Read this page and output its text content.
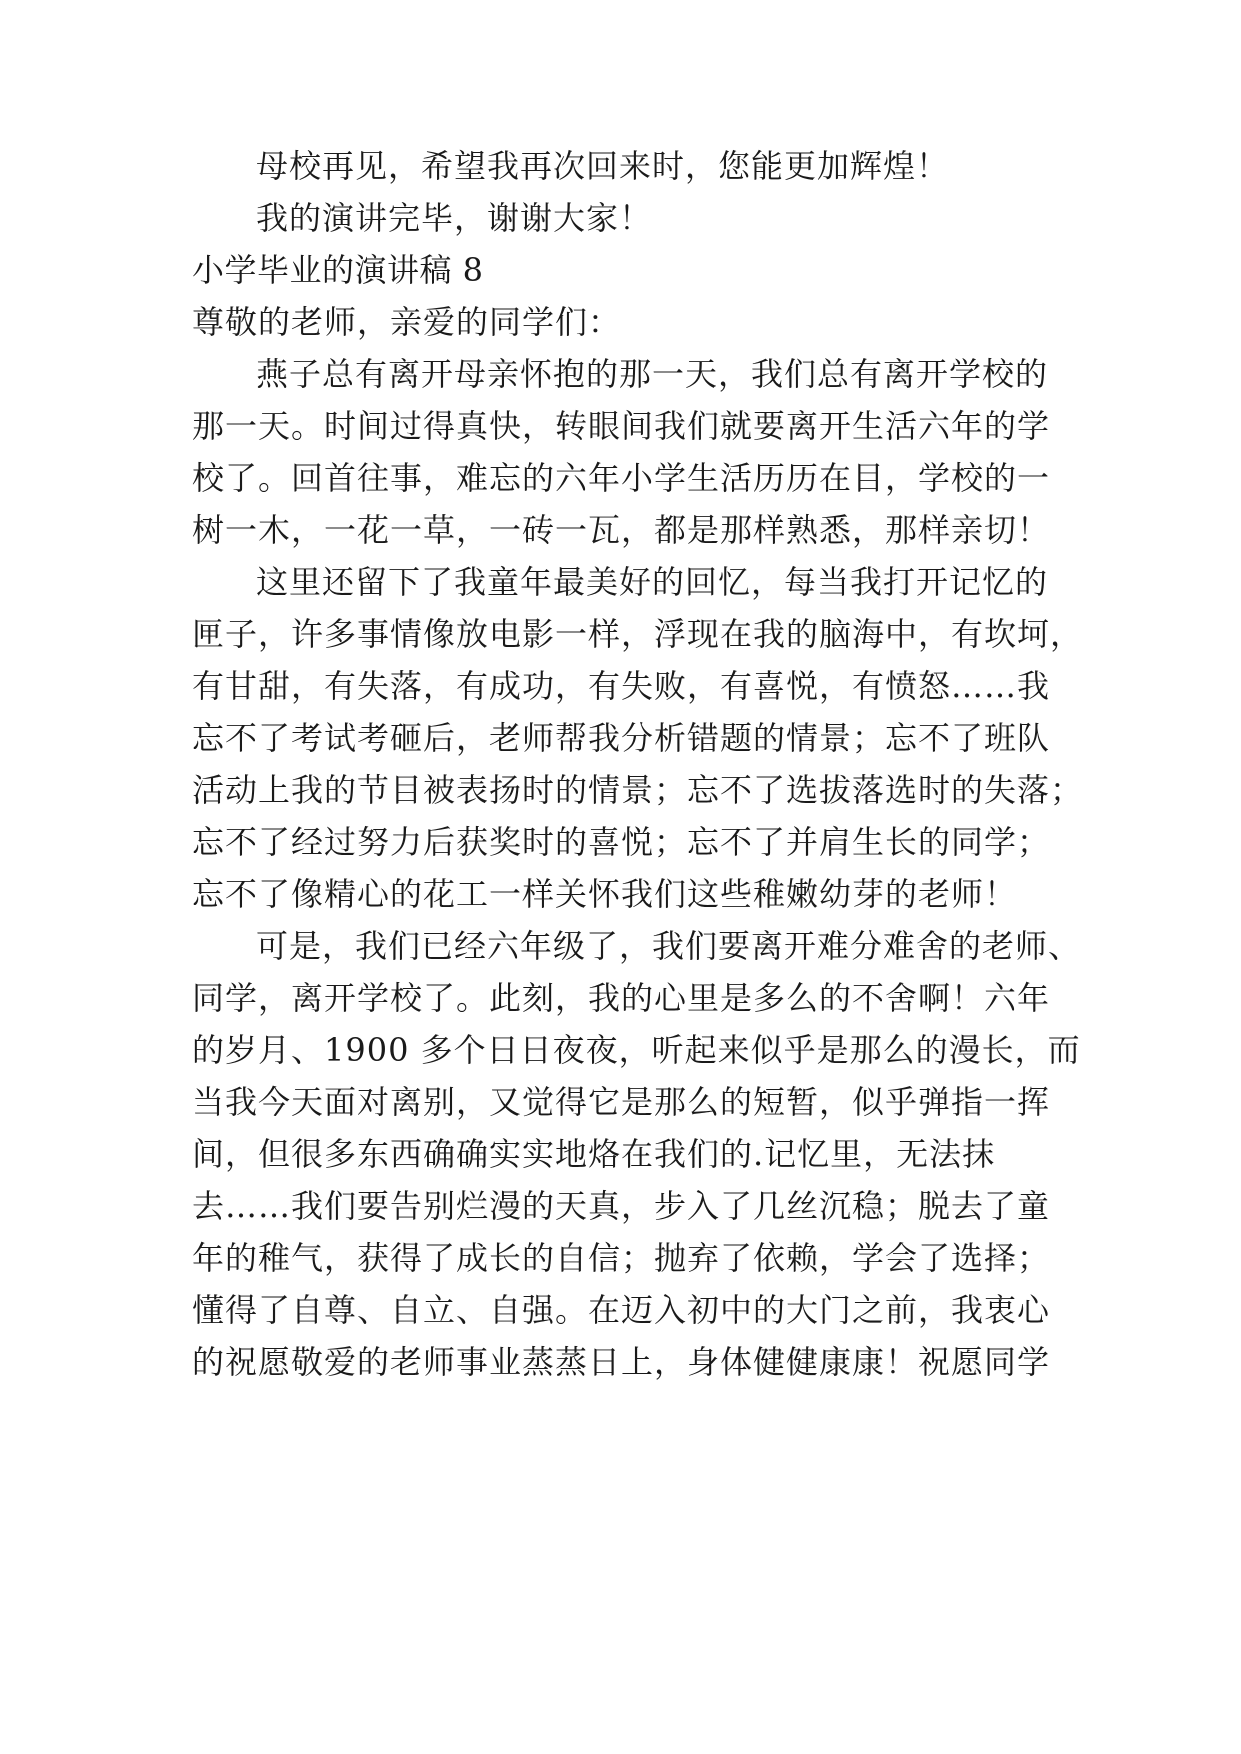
母校再见，希望我再次回来时，您能更加辉煌！
我的演讲完毕，谢谢大家！
小学毕业的演讲稿 8
尊敬的老师，亲爱的同学们：
燕子总有离开母亲怀抱的那一天，我们总有离开学校的
那一天。时间过得真快，转眼间我们就要离开生活六年的学
校了。回首往事，难忘的六年小学生活历历在目，学校的一
树一木，一花一草，一砖一瓦，都是那样熟悉，那样亲切！
这里还留下了我童年最美好的回忆，每当我打开记忆的
匣子，许多事情像放电影一样，浮现在我的脑海中，有坎坷，
有甘甜，有失落，有成功，有失败，有喜悦，有愤怒……我
忘不了考试考砸后，老师帮我分析错题的情景；忘不了班队
活动上我的节目被表扬时的情景；忘不了选拔落选时的失落；
忘不了经过努力后获奖时的喜悦；忘不了并肩生长的同学；
忘不了像精心的花工一样关怀我们这些稚嫩幼芽的老师！
可是，我们已经六年级了，我们要离开难分难舍的老师、
同学，离开学校了。此刻，我的心里是多么的不舍啊！六年
的岁月、1900 多个日日夜夜，听起来似乎是那么的漫长，而
当我今天面对离别，又觉得它是那么的短暂，似乎弹指一挥
间，但很多东西确确实实地烙在我们的.记忆里，无法抹
去……我们要告别烂漫的天真，步入了几丝沉稳；脱去了童
年的稚气，获得了成长的自信；抛弃了依赖，学会了选择；
懂得了自尊、自立、自强。在迈入初中的大门之前，我衷心
的祝愿敬爱的老师事业蒸蒸日上，身体健健康康！祝愿同学
